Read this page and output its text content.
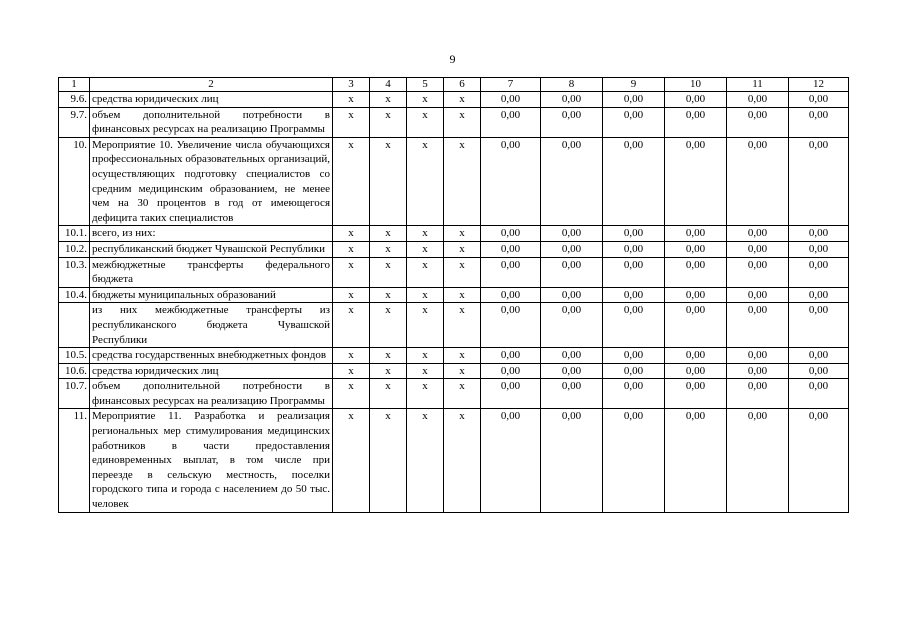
9
1	2	3	4	5	6	7	8	9	10	11	12
9.6.	средства юридических лиц	x	x	x	x	0,00	0,00	0,00	0,00	0,00	0,00
9.7.	объем дополнительной потребности в финансовых ресурсах на реализацию Программы	x	x	x	x	0,00	0,00	0,00	0,00	0,00	0,00
10.	Мероприятие 10. Увеличение числа обучающихся профессиональных образовательных организаций, осуществляющих подготовку специалистов со средним медицинским образованием, не менее чем на 30 процентов в год от имеющегося дефицита таких специалистов	x	x	x	x	0,00	0,00	0,00	0,00	0,00	0,00
10.1.	всего, из них:	x	x	x	x	0,00	0,00	0,00	0,00	0,00	0,00
10.2.	республиканский бюджет Чувашской Республики	x	x	x	x	0,00	0,00	0,00	0,00	0,00	0,00
10.3.	межбюджетные трансферты федерального бюджета	x	x	x	x	0,00	0,00	0,00	0,00	0,00	0,00
10.4.	бюджеты муниципальных образований	x	x	x	x	0,00	0,00	0,00	0,00	0,00	0,00
	из них межбюджетные трансферты из республиканского бюджета Чувашской Республики	x	x	x	x	0,00	0,00	0,00	0,00	0,00	0,00
10.5.	средства государственных внебюджетных фондов	x	x	x	x	0,00	0,00	0,00	0,00	0,00	0,00
10.6.	средства юридических лиц	x	x	x	x	0,00	0,00	0,00	0,00	0,00	0,00
10.7.	объем дополнительной потребности в финансовых ресурсах на реализацию Программы	x	x	x	x	0,00	0,00	0,00	0,00	0,00	0,00
11.	Мероприятие 11. Разработка и реализация региональных мер стимулирования медицинских работников в части предоставления единовременных выплат, в том числе при переезде в сельскую местность, поселки городского типа и города с населением до 50 тыс. человек	x	x	x	x	0,00	0,00	0,00	0,00	0,00	0,00
